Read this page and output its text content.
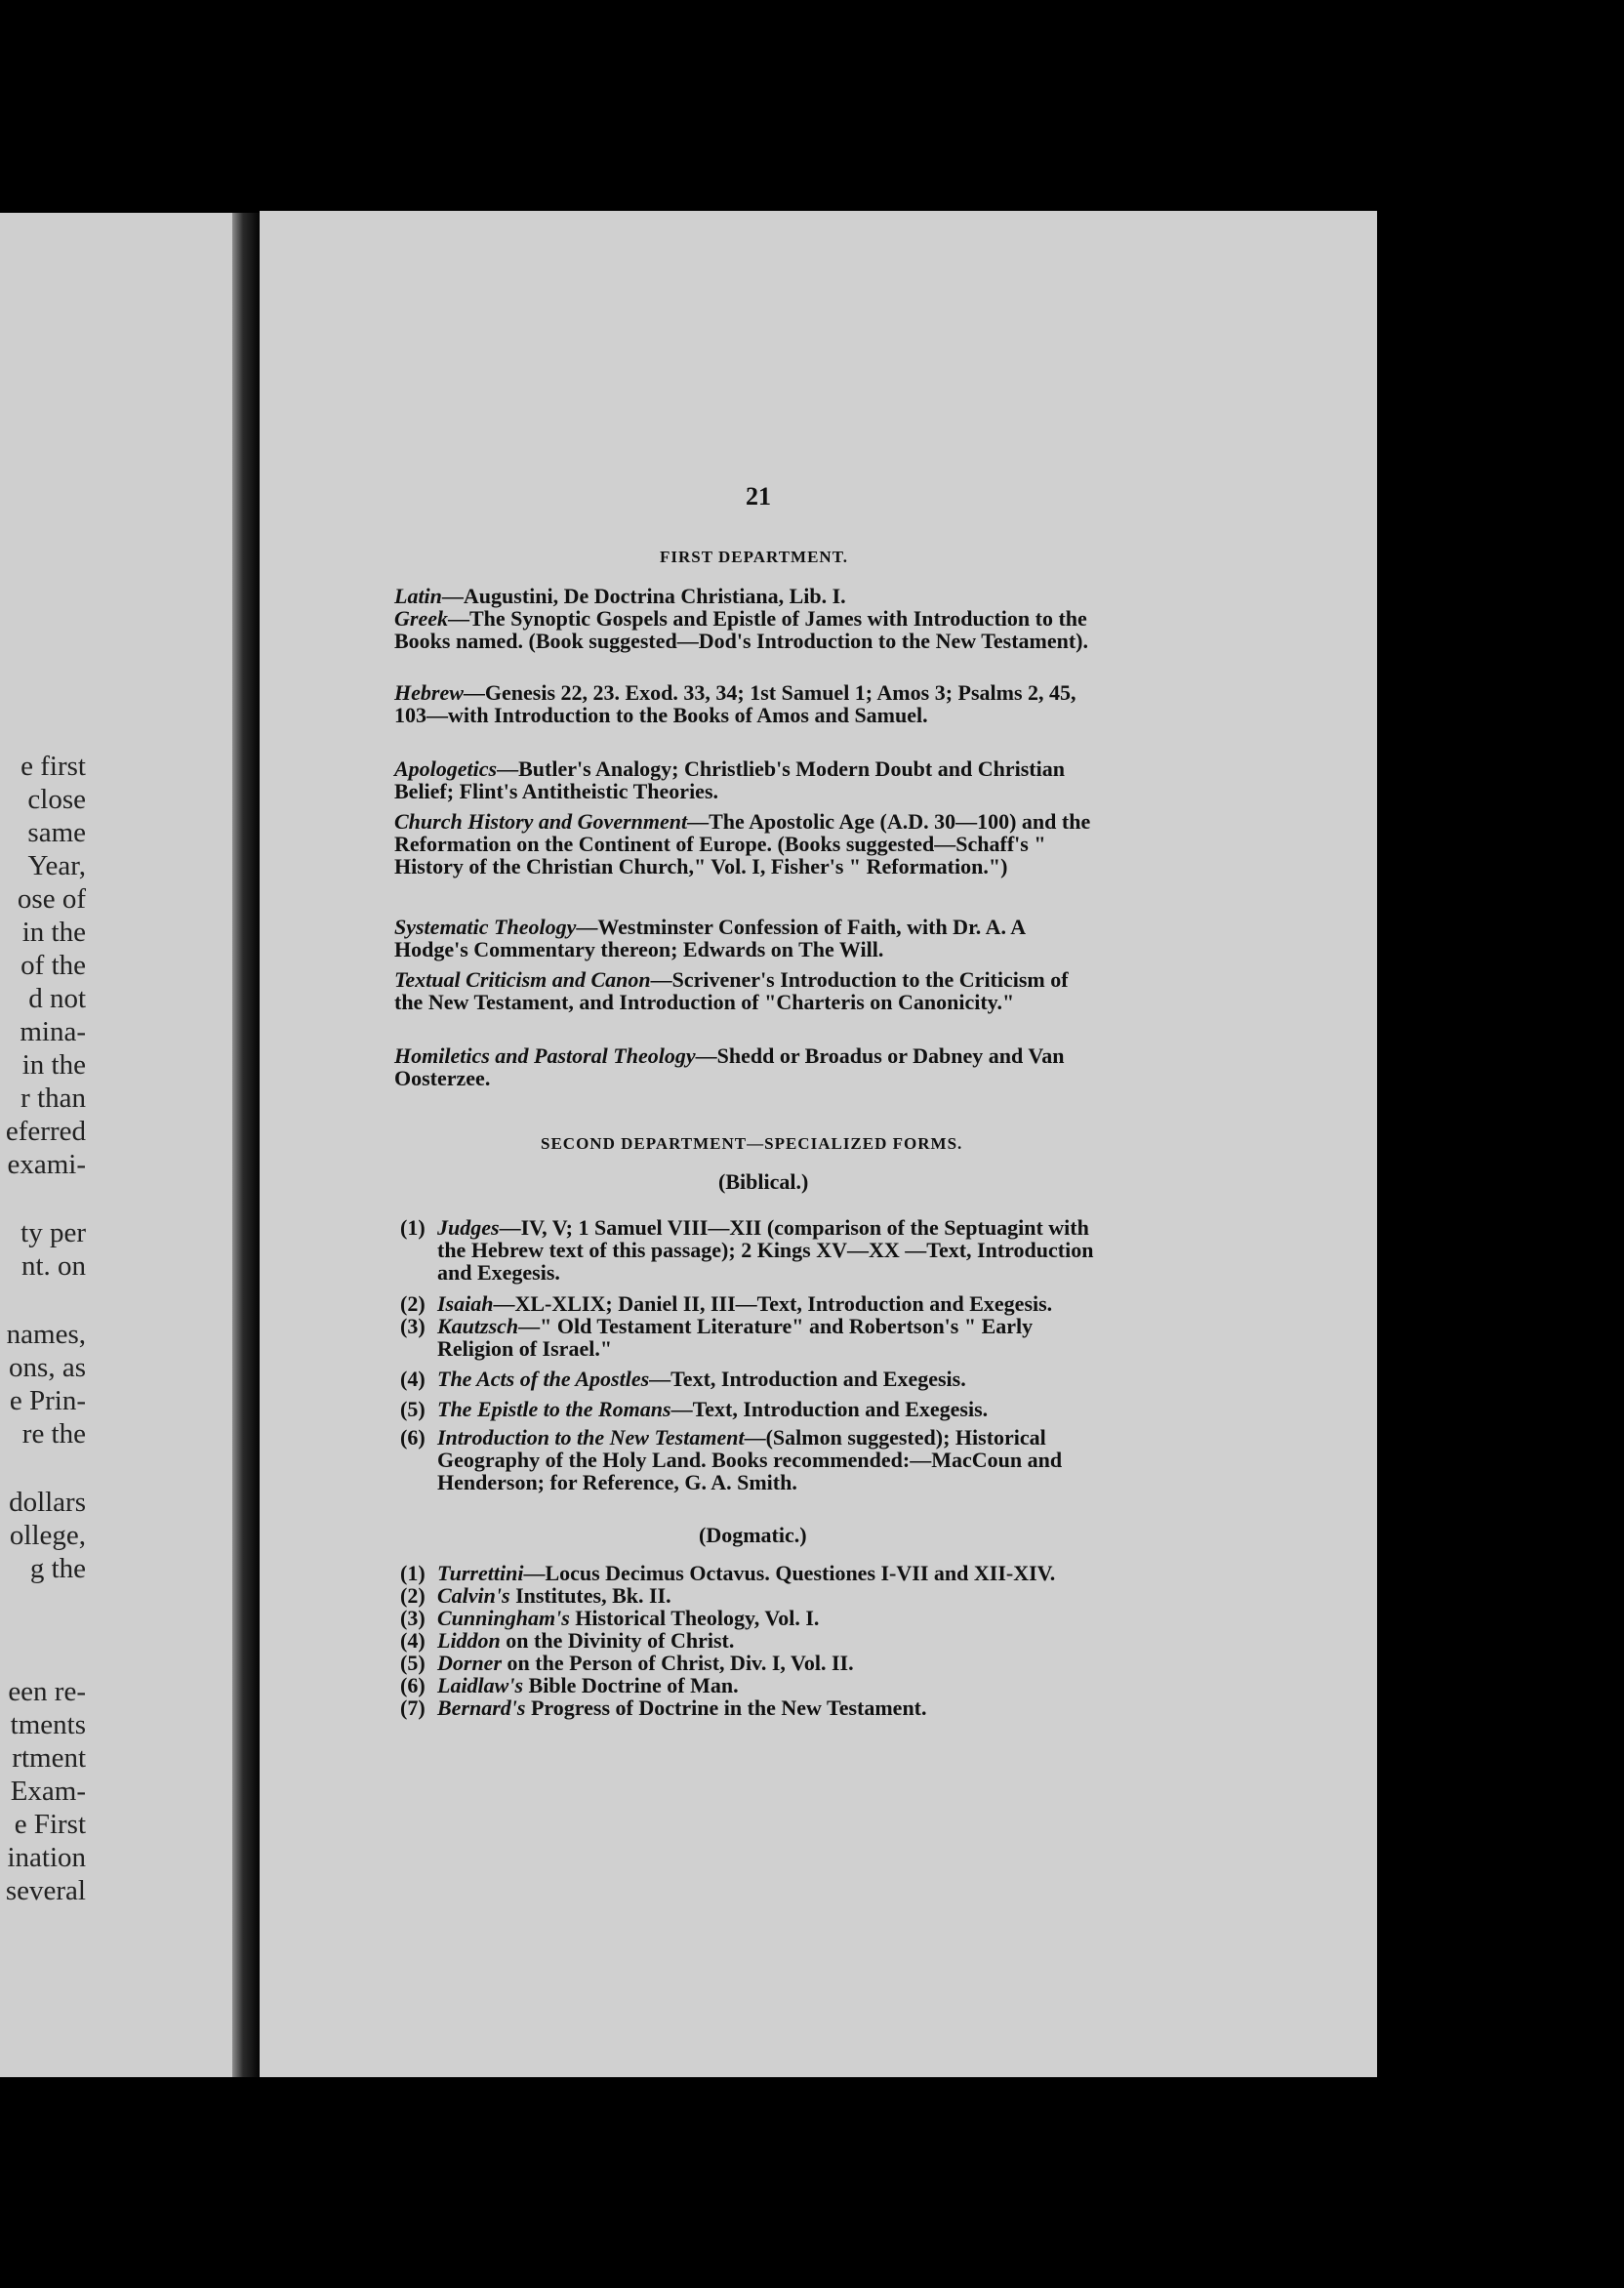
e first
close
same
Year,
ose of
in the
of the
d not
mina-
in the
r than
eferred
exami-
ty per
nt. on
names,
ons, as
e Prin-
re the
dollars
ollege,
g the
een re-
tments
rtment
Exam-
e First
ination
several
21
FIRST DEPARTMENT.
Latin—Augustini, De Doctrina Christiana, Lib. I.
Greek—The Synoptic Gospels and Epistle of James with Introduction to the Books named. (Book suggested—Dod's Introduction to the New Testament).
Hebrew—Genesis 22, 23. Exod. 33, 34; 1st Samuel 1; Amos 3; Psalms 2, 45, 103—with Introduction to the Books of Amos and Samuel.
Apologetics—Butler's Analogy; Christlieb's Modern Doubt and Christian Belief; Flint's Antitheistic Theories.
Church History and Government—The Apostolic Age (A.D. 30—100) and the Reformation on the Continent of Europe. (Books suggested—Schaff's " History of the Christian Church," Vol. I, Fisher's " Reformation.")
Systematic Theology—Westminster Confession of Faith, with Dr. A. A Hodge's Commentary thereon; Edwards on The Will.
Textual Criticism and Canon—Scrivener's Introduction to the Criticism of the New Testament, and Introduction of "Charteris on Canonicity."
Homiletics and Pastoral Theology—Shedd or Broadus or Dabney and Van Oosterzee.
SECOND DEPARTMENT—SPECIALIZED FORMS.
(Biblical.)
(1) Judges—IV, V; 1 Samuel VIII—XII (comparison of the Septuagint with the Hebrew text of this passage); 2 Kings XV—XX —Text, Introduction and Exegesis.
(2) Isaiah—XL-XLIX; Daniel II, III—Text, Introduction and Exegesis.
(3) Kautzsch—" Old Testament Literature" and Robertson's " Early Religion of Israel."
(4) The Acts of the Apostles—Text, Introduction and Exegesis.
(5) The Epistle to the Romans—Text, Introduction and Exegesis.
(6) Introduction to the New Testament—(Salmon suggested); Historical Geography of the Holy Land. Books recommended:—MacCoun and Henderson; for Reference, G. A. Smith.
(Dogmatic.)
(1) Turrettini—Locus Decimus Octavus. Questiones I-VII and XII-XIV.
(2) Calvin's Institutes, Bk. II.
(3) Cunningham's Historical Theology, Vol. I.
(4) Liddon on the Divinity of Christ.
(5) Dorner on the Person of Christ, Div. I, Vol. II.
(6) Laidlaw's Bible Doctrine of Man.
(7) Bernard's Progress of Doctrine in the New Testament.
